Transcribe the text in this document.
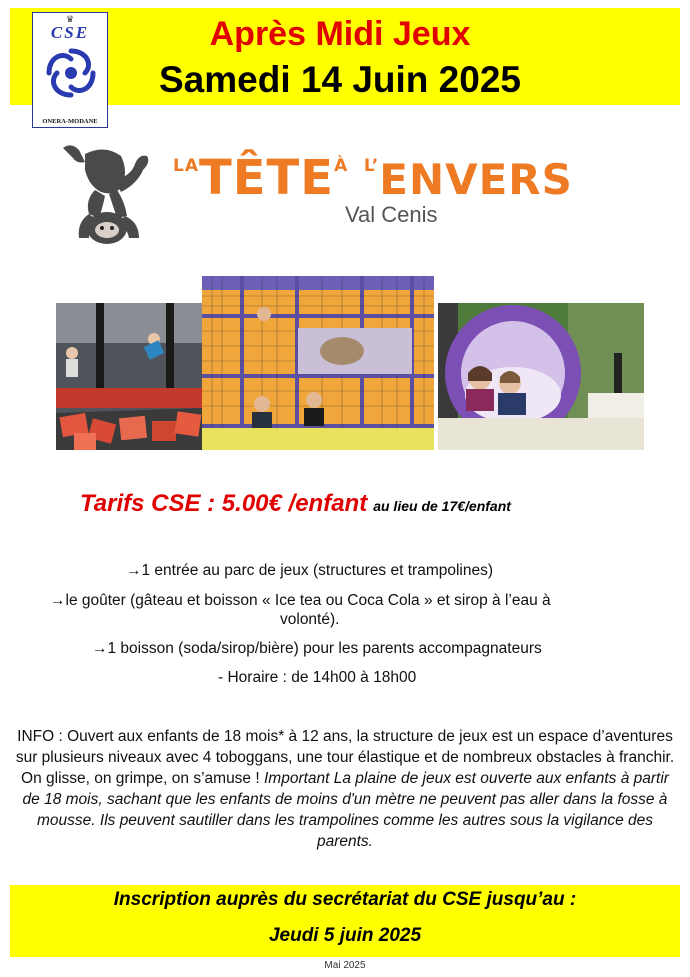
♛
CSE
ONERA-MODANE
Après Midi Jeux
Samedi 14 Juin 2025
$^{LA}TÊTE^À$ $^{L’}$ENVERS
Val Cenis
Tarifs CSE : 5.00€ /enfant au lieu de 17€/enfant
→1 entrée au parc de jeux (structures et trampolines)
→le goûter (gâteau et boisson « Ice tea ou Coca Cola » et sirop à l’eau à
volonté).
→1 boisson (soda/sirop/bière) pour les parents accompagnateurs
- Horaire : de 14h00 à 18h00
INFO : Ouvert aux enfants de 18 mois* à 12 ans, la structure de jeux est un espace d’aventures sur plusieurs niveaux avec 4 toboggans, une tour élastique et de nombreux obstacles à franchir. On glisse, on grimpe, on s’amuse ! Important La plaine de jeux est ouverte aux enfants à partir de 18 mois, sachant que les enfants de moins d'un mètre ne peuvent pas aller dans la fosse à mousse. Ils peuvent sautiller dans les trampolines comme les autres sous la vigilance des parents.
Inscription auprès du secrétariat du CSE jusqu’au :
Jeudi 5 juin 2025
Mai 2025
